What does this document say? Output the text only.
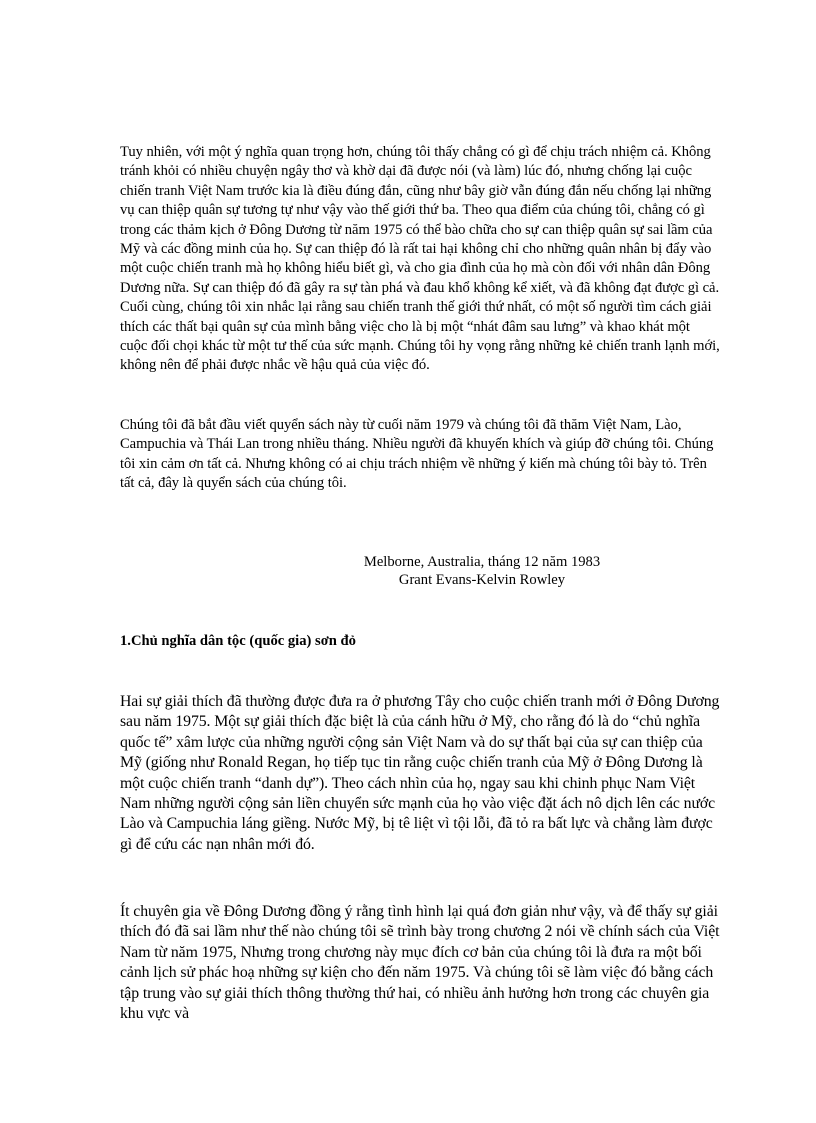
Tuy nhiên, với một ý nghĩa quan trọng hơn, chúng tôi thấy chẳng có gì để chịu trách nhiệm cả. Không tránh khỏi có nhiều chuyện ngây thơ và khờ dại đã được nói (và làm) lúc đó, nhưng chống lại cuộc chiến tranh Việt Nam trước kia là điều đúng đắn, cũng như bây giờ vẫn đúng đắn nếu chống lại những vụ can thiệp quân sự tương tự như vậy vào thế giới thứ ba. Theo qua điểm của chúng tôi, chẳng có gì trong các thảm kịch ở Đông Dương từ năm 1975 có thể bào chữa cho sự can thiệp quân sự sai lầm của Mỹ và các đồng minh của họ. Sự can thiệp đó là rất tai hại không chỉ cho những quân nhân bị đẩy vào một cuộc chiến tranh mà họ không hiểu biết gì, và cho gia đình của họ mà còn đối với nhân dân Đông Dương nữa. Sự can thiệp đó đã gây ra sự tàn phá và đau khổ không kể xiết, và đã không đạt được gì cả. Cuối cùng, chúng tôi xin nhắc lại rằng sau chiến tranh thế giới thứ nhất, có một số người tìm cách giải thích các thất bại quân sự của mình bằng việc cho là bị một “nhát đâm sau lưng” và khao khát một cuộc đối chọi khác từ một tư thế của sức mạnh. Chúng tôi hy vọng rằng những kẻ chiến tranh lạnh mới, không nên để phải được nhắc về hậu quả của việc đó.

Chúng tôi đã bắt đầu viết quyển sách này từ cuối năm 1979 và chúng tôi đã thăm Việt Nam, Lào, Campuchia và Thái Lan trong nhiều tháng. Nhiều người đã khuyến khích và giúp đỡ chúng tôi. Chúng tôi xin cảm ơn tất cả. Nhưng không có ai chịu trách nhiệm về những ý kiến mà chúng tôi bày tỏ. Trên tất cả, đây là quyển sách của chúng tôi.

Melborne, Australia, tháng 12 năm 1983
Grant Evans-Kelvin Rowley
1.Chủ nghĩa dân tộc (quốc gia) sơn đỏ

Hai sự giải thích đã thường được đưa ra ở phương Tây cho cuộc chiến tranh mới ở Đông Dương sau năm 1975. Một sự giải thích đặc biệt là của cánh hữu ở Mỹ, cho rằng đó là do “chủ nghĩa quốc tế” xâm lược của những người cộng sản Việt Nam và do sự thất bại của sự can thiệp của Mỹ (giống như Ronald Regan, họ tiếp tục tin rằng cuộc chiến tranh của Mỹ ở Đông Dương là một cuộc chiến tranh “danh dự”). Theo cách nhìn của họ, ngay sau khi chinh phục Nam Việt Nam những người cộng sản liền chuyển sức mạnh của họ vào việc đặt ách nô dịch lên các nước Lào và Campuchia láng giềng. Nước Mỹ, bị tê liệt vì tội lỗi, đã tỏ ra bất lực và chẳng làm được gì để cứu các nạn nhân mới đó.

Ít chuyên gia về Đông Dương đồng ý rằng tình hình lại quá đơn giản như vậy, và để thấy sự giải thích đó đã sai lầm như thế nào chúng tôi sẽ trình bày trong chương 2 nói về chính sách của Việt Nam từ năm 1975, Nhưng trong chương này mục đích cơ bản của chúng tôi là đưa ra một bối cảnh lịch sử phác hoạ những sự kiện cho đến năm 1975. Và chúng tôi sẽ làm việc đó bằng cách tập trung vào sự giải thích thông thường thứ hai, có nhiều ảnh hưởng hơn trong các chuyên gia khu vực và
